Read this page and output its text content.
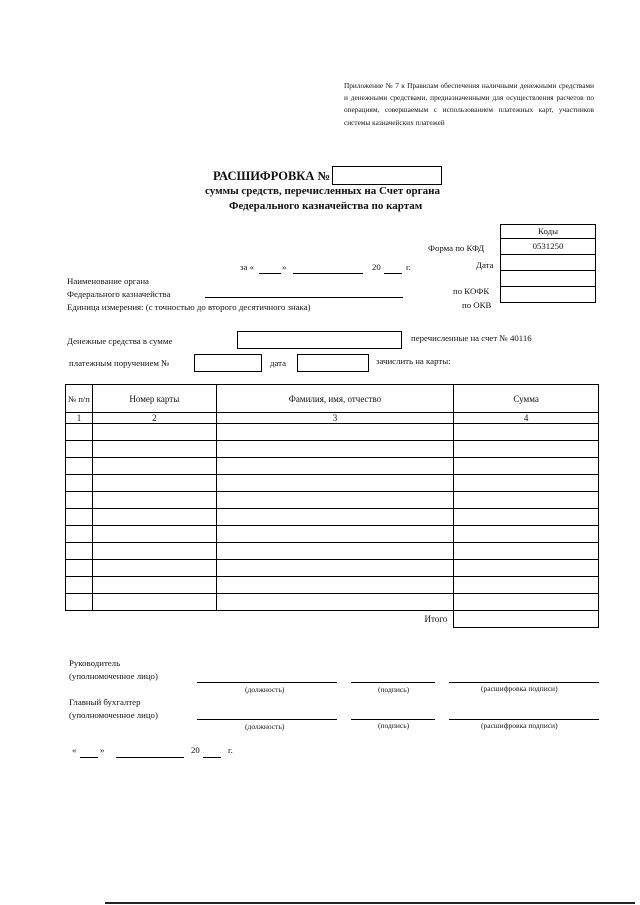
Приложение № 7 к Правилам обеспечения наличными денежными средствами и денежными средствами, предназначенными для осуществления расчетов по операциям, совершаемым с использованием платежных карт, участников системы казначейских платежей
РАСШИФРОВКА №
суммы средств, перечисленных на Счет органа
Федерального казначейства по картам
Коды
0531250
Форма по КФД
Дата
по КОФК
по ОКВ
за «	»	20	г.
Наименование органа
Федерального казначейства
Единица измерения: (с точностью до второго десятичного знака)
Денежные средства в сумме	перечисленные на счет № 40116
платежным поручением №	дата	зачислить на карты:
№ п/п	Номер карты	Фамилия, имя, отчество	Сумма
1	2	3	4

Итого			
Руководитель
(уполномоченное лицо)
(должность)	(подпись)	(расшифровка подписи)
Главный бухгалтер
(уполномоченное лицо)
(должность)	(подпись)	(расшифровка подписи)
«	»	20	г.
